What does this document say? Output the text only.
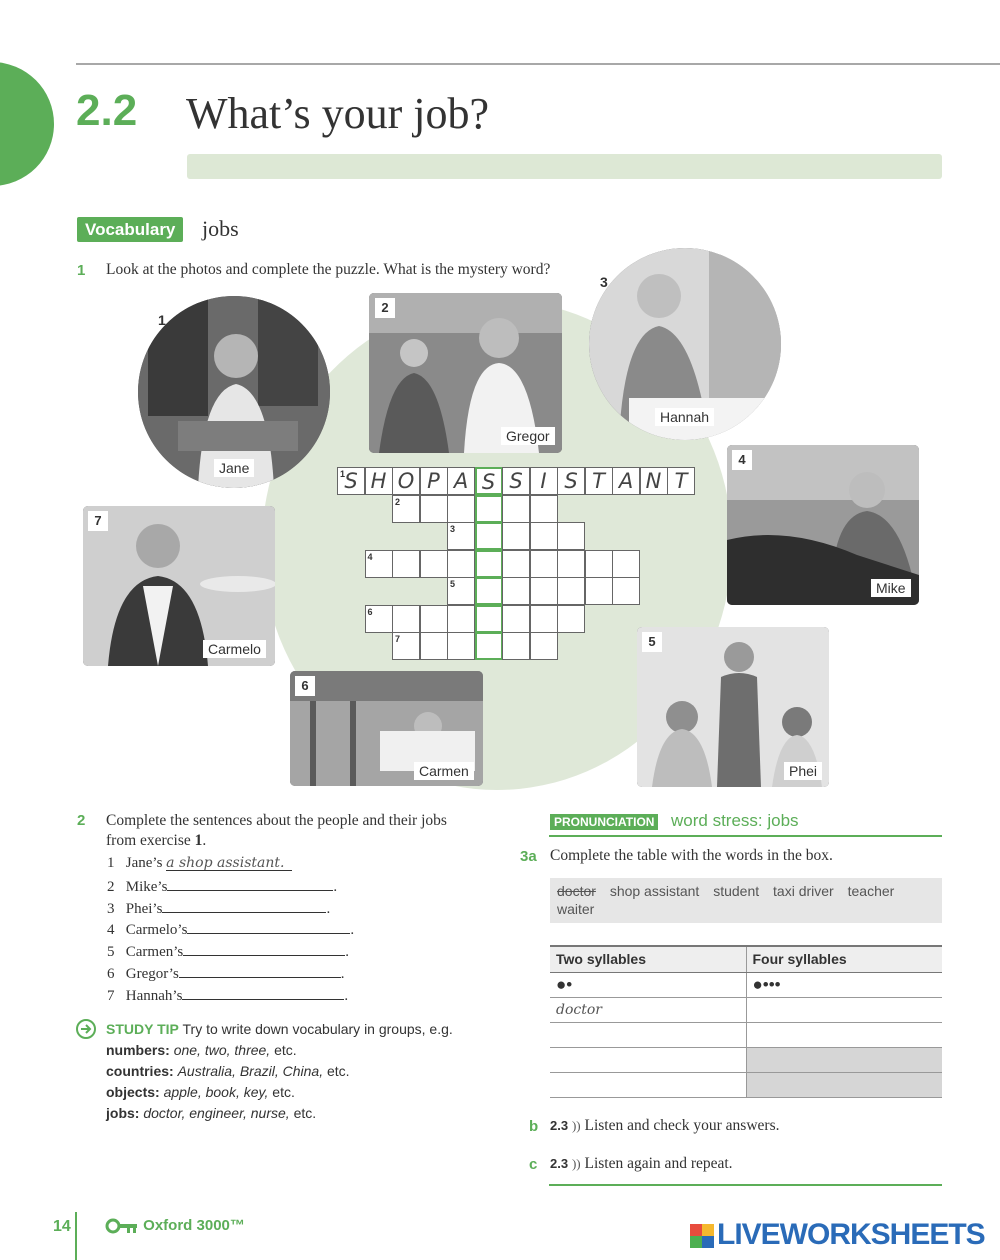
2.2 What’s your job?
Vocabulary	jobs
1 Look at the photos and complete the puzzle. What is the mystery word?
1
Jane
2
Gregor
3
Hannah
4
Mike
5
Phei
6
Carmen
7
Carmelo
S
1 H O P A S S I S T A N T
2
3
4
5
6
7
2 Complete the sentences about the people and their jobs
from exercise 1.
1 Jane’s a shop assistant.
2 Mike’s	.
3 Phei’s	.
4 Carmelo’s	.
5 Carmen’s	.
6 Gregor’s	.
7 Hannah’s	.
STUDY TIP Try to write down vocabulary in groups, e.g.
numbers: one, two, three, etc.
countries: Australia, Brazil, China, etc.
objects: apple, book, key, etc.
jobs: doctor, engineer, nurse, etc.
PRONUNCIATION word stress: jobs
3a Complete the table with the words in the box.
doctor shop assistant student taxi driver teacher
waiter
Two syllables	Four syllables
●•	●•••
doctor	

b 2.3 )) Listen and check your answers.
c 2.3 )) Listen again and repeat.
14	Oxford 3000™	LIVEWORKSHEETS
